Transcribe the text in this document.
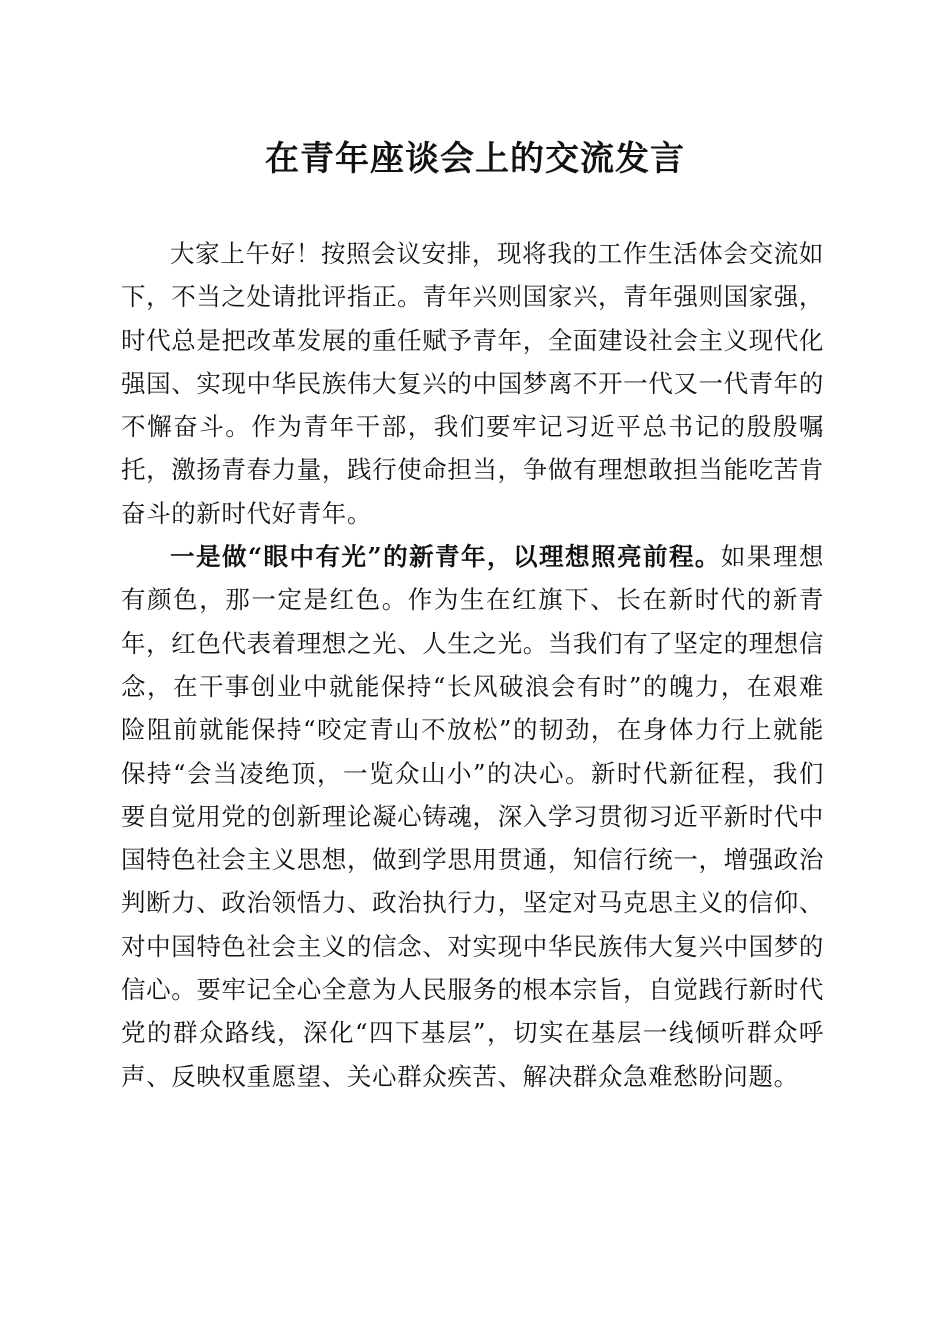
在青年座谈会上的交流发言

大家上午好！按照会议安排，现将我的工作生活体会交流如下，不当之处请批评指正。青年兴则国家兴，青年强则国家强，时代总是把改革发展的重任赋予青年，全面建设社会主义现代化强国、实现中华民族伟大复兴的中国梦离不开一代又一代青年的不懈奋斗。作为青年干部，我们要牢记习近平总书记的殷殷嘱托，激扬青春力量，践行使命担当，争做有理想敢担当能吃苦肯奋斗的新时代好青年。

一是做“眼中有光”的新青年，以理想照亮前程。如果理想有颜色，那一定是红色。作为生在红旗下、长在新时代的新青年，红色代表着理想之光、人生之光。当我们有了坚定的理想信念，在干事创业中就能保持“长风破浪会有时”的魄力，在艰难险阻前就能保持“咬定青山不放松”的韧劲，在身体力行上就能保持“会当凌绝顶，一览众山小”的决心。新时代新征程，我们要自觉用党的创新理论凝心铸魂，深入学习贯彻习近平新时代中国特色社会主义思想，做到学思用贯通，知信行统一，增强政治判断力、政治领悟力、政治执行力，坚定对马克思主义的信仰、对中国特色社会主义的信念、对实现中华民族伟大复兴中国梦的信心。要牢记全心全意为人民服务的根本宗旨，自觉践行新时代党的群众路线，深化“四下基层”，切实在基层一线倾听群众呼声、反映权重愿望、关心群众疾苦、解决群众急难愁盼问题。
